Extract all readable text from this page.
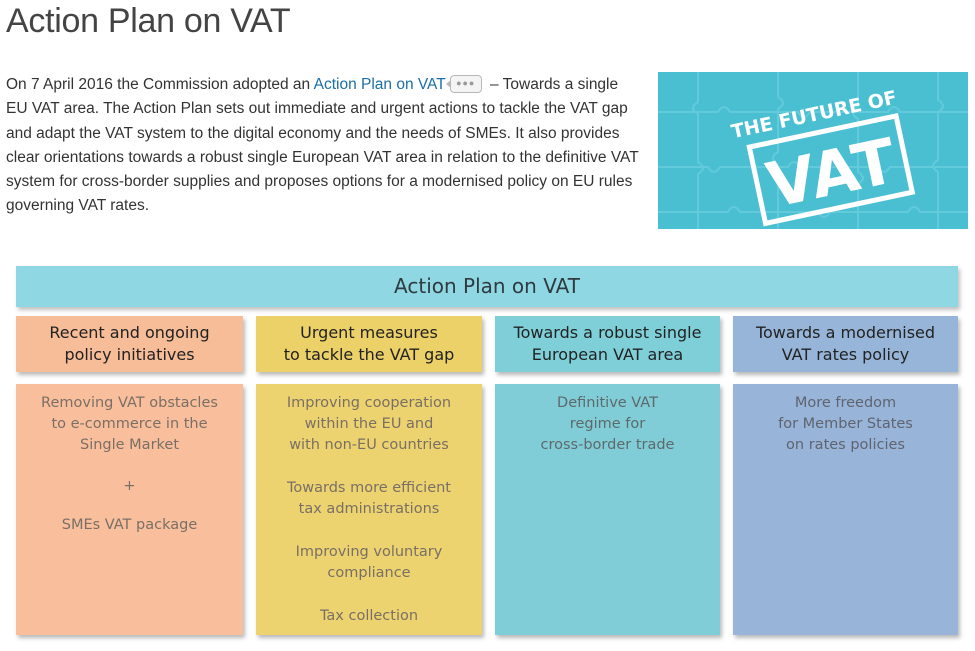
Action Plan on VAT

On 7 April 2016 the Commission adopted an Action Plan on VAT ●●● – Towards a single EU VAT area. The Action Plan sets out immediate and urgent actions to tackle the VAT gap and adapt the VAT system to the digital economy and the needs of SMEs. It also provides clear orientations towards a robust single European VAT area in relation to the definitive VAT system for cross-border supplies and proposes options for a modernised policy on EU rules governing VAT rates.	VAT
THE FUTURE OF
Action Plan on VAT
Recent and ongoing
policy initiatives
Urgent measures
to tackle the VAT gap
Towards a robust single
European VAT area
Towards a modernised
VAT rates policy
Removing VAT obstacles
to e-commerce in the
Single Market
+
SMEs VAT package
Improving cooperation
within the EU and
with non-EU countries
Towards more efficient
tax administrations
Improving voluntary
compliance
Tax collection
Definitive VAT
regime for
cross-border trade
More freedom
for Member States
on rates policies
